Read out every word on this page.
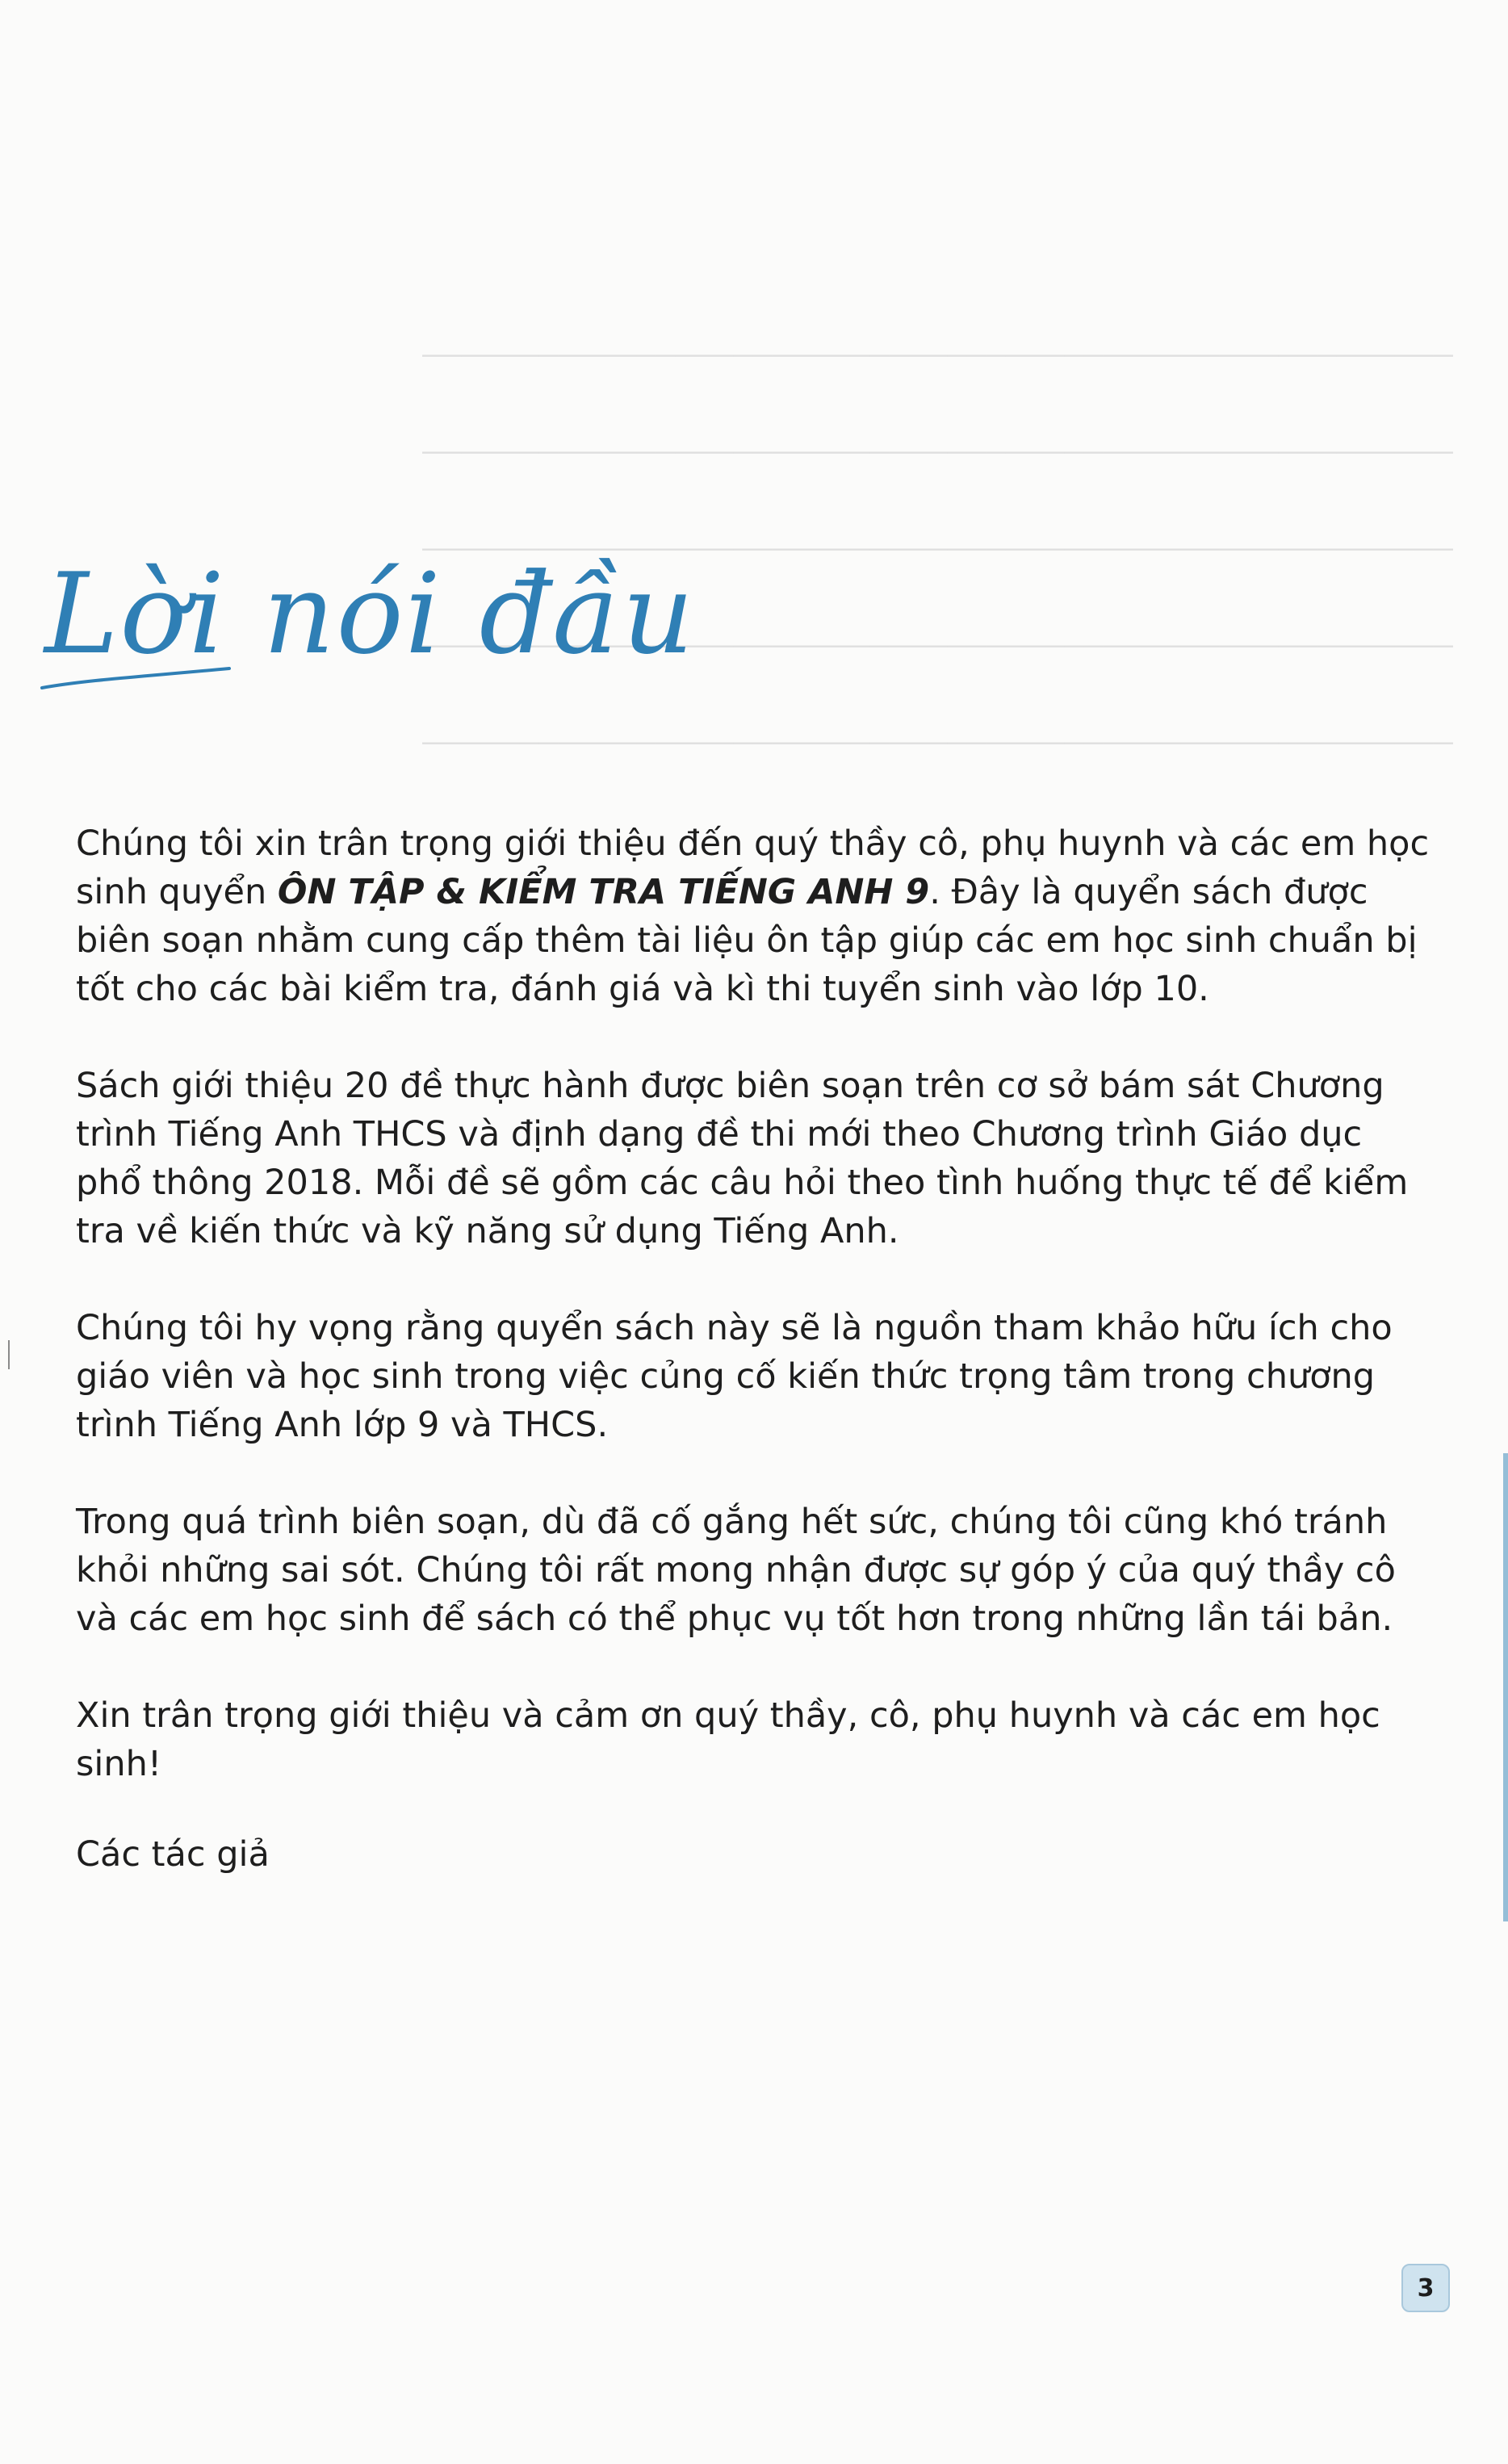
─────────────────────────────────────────────────────
─────────────────────────────────────────────────────
─────────────────────────────────────────────────────
─────────────────────────────────────────────────────
─────────────────────────────────────────────────────
Lời nói đầu

Chúng tôi xin trân trọng giới thiệu đến quý thầy cô, phụ huynh và các em học sinh quyển ÔN TẬP & KIỂM TRA TIẾNG ANH 9. Đây là quyển sách được biên soạn nhằm cung cấp thêm tài liệu ôn tập giúp các em học sinh chuẩn bị tốt cho các bài kiểm tra, đánh giá và kì thi tuyển sinh vào lớp 10.

Sách giới thiệu 20 đề thực hành được biên soạn trên cơ sở bám sát Chương trình Tiếng Anh THCS và định dạng đề thi mới theo Chương trình Giáo dục phổ thông 2018. Mỗi đề sẽ gồm các câu hỏi theo tình huống thực tế để kiểm tra về kiến thức và kỹ năng sử dụng Tiếng Anh.

Chúng tôi hy vọng rằng quyển sách này sẽ là nguồn tham khảo hữu ích cho giáo viên và học sinh trong việc củng cố kiến thức trọng tâm trong chương trình Tiếng Anh lớp 9 và THCS.

Trong quá trình biên soạn, dù đã cố gắng hết sức, chúng tôi cũng khó tránh khỏi những sai sót. Chúng tôi rất mong nhận được sự góp ý của quý thầy cô và các em học sinh để sách có thể phục vụ tốt hơn trong những lần tái bản.

Xin trân trọng giới thiệu và cảm ơn quý thầy, cô, phụ huynh và các em học sinh!

Các tác giả

3
